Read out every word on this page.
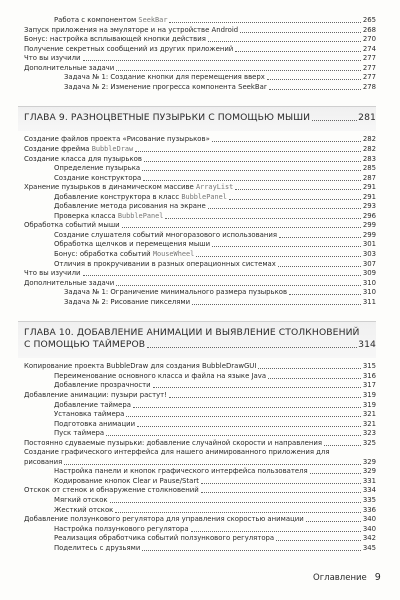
Работа с компонентом SeekBar	265
Запуск приложения на эмуляторе и на устройстве Android	268
Бонус: настройка всплывающей кнопки действия	270
Получение секретных сообщений из других приложений	274
Что вы изучили	277
Дополнительные задачи	277
Задача № 1: Создание кнопки для перемещения вверх	277
Задача № 2: Изменение прогресса компонента SeekBar	278
ГЛАВА 9. РАЗНОЦВЕТНЫЕ ПУЗЫРЬКИ С ПОМОЩЬЮ МЫШИ	281
Создание файлов проекта «Рисование пузырьков»	282
Создание фрейма BubbleDraw	282
Создание класса для пузырьков	283
Определение пузырька	285
Создание конструктора	287
Хранение пузырьков в динамическом массиве ArrayList	291
Добавление конструктора в класс BubblePanel	291
Добавление метода рисования на экране	293
Проверка класса BubblePanel	296
Обработка событий мыши	299
Создание слушателя событий многоразового использования	299
Обработка щелчков и перемещения мыши	301
Бонус: обработка событий MouseWheel	303
Отличия в прокручивании в разных операционных системах	307
Что вы изучили	309
Дополнительные задачи	310
Задача № 1: Ограничение минимального размера пузырьков	310
Задача № 2: Рисование пикселями	311
ГЛАВА 10. ДОБАВЛЕНИЕ АНИМАЦИИ И ВЫЯВЛЕНИЕ СТОЛКНОВЕНИЙ
С ПОМОЩЬЮ ТАЙМЕРОВ	314
Копирование проекта BubbleDraw для создания BubbleDrawGUI	315
Переименование основного класса и файла на языке Java	316
Добавление прозрачности	317
Добавление анимации: пузыри растут!	319
Добавление таймера	319
Установка таймера	321
Подготовка анимации	321
Пуск таймера	323
Постоянно сдуваемые пузырьки: добавление случайной скорости и направления	325
Создание графического интерфейса для нашего анимированного приложения для
рисования	329
Настройка панели и кнопок графического интерфейса пользователя	329
Кодирование кнопок Clear и Pause/Start	331
Отскок от стенок и обнаружение столкновений	334
Мягкий отскок	335
Жесткий отскок	336
Добавление ползункового регулятора для управления скоростью анимации	340
Настройка ползункового регулятора	340
Реализация обработчика событий ползункового регулятора	342
Поделитесь с друзьями	345
Оглавление 9
